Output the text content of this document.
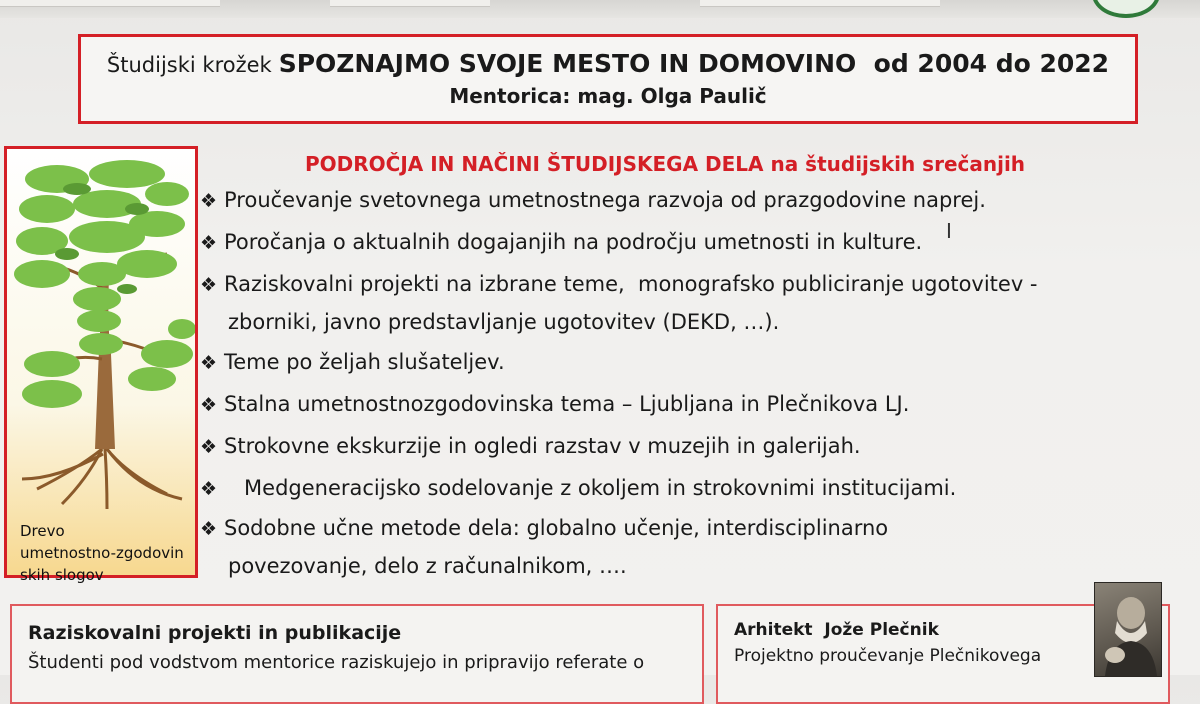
Študijski krožek SPOZNAJMO SVOJE MESTO IN DOMOVINO  od 2004 do 2022
Mentorica: mag. Olga Paulič
Drevo
umetnostno-zgodovin
skih slogov
PODROČJA IN NAČINI ŠTUDIJSKEGA DELA na študijskih srečanjih
❖ Proučevanje svetovnega umetnostnega razvoja od prazgodovine naprej.
❖ Poročanja o aktualnih dogajanjih na področju umetnosti in kulture.
❖ Raziskovalni projekti na izbrane teme,  monografsko publiciranje ugotovitev -
zborniki, javno predstavljanje ugotovitev (DEKD, …).
❖ Teme po željah slušateljev.
❖ Stalna umetnostnozgodovinska tema – Ljubljana in Plečnikova LJ.
❖ Strokovne ekskurzije in ogledi razstav v muzejih in galerijah.
❖   Medgeneracijsko sodelovanje z okoljem in strokovnimi institucijami.
❖ Sodobne učne metode dela: globalno učenje, interdisciplinarno
povezovanje, delo z računalnikom, ….
I
Raziskovalni projekti in publikacije
Študenti pod vodstvom mentorice raziskujejo in pripravijo referate o
Arhitekt  Jože Plečnik
Projektno proučevanje Plečnikovega
